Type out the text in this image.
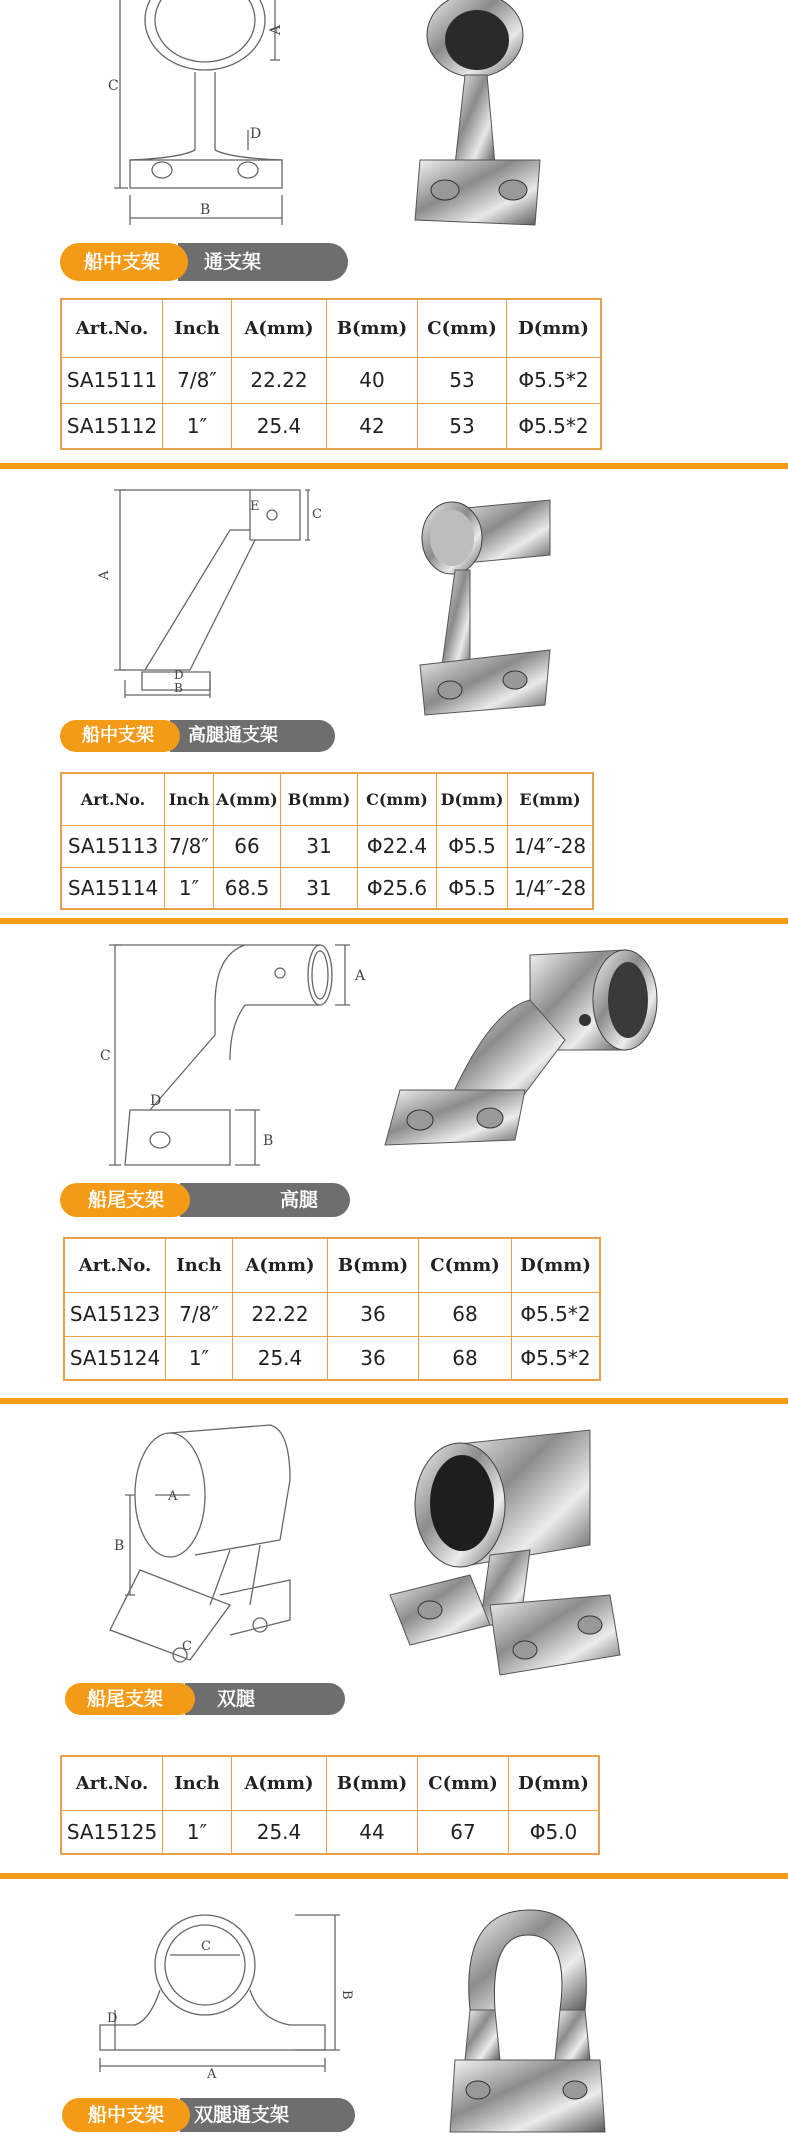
A
B
C
D
船中支架	通支架
Art.No.	Inch	A(mm)	B(mm)	C(mm)	D(mm)
SA15111	7/8″	22.22	40	53	Φ5.5*2
SA15112	1″	25.4	42	53	Φ5.5*2
A
B
C
D
E
船中支架	高腿通支架
Art.No.	Inch	A(mm)	B(mm)	C(mm)	D(mm)	E(mm)
SA15113	7/8″	66	31	Φ22.4	Φ5.5	1/4″-28
SA15114	1″	68.5	31	Φ25.6	Φ5.5	1/4″-28
A
B
C
D
船尾支架	高腿
Art.No.	Inch	A(mm)	B(mm)	C(mm)	D(mm)
SA15123	7/8″	22.22	36	68	Φ5.5*2
SA15124	1″	25.4	36	68	Φ5.5*2
A
B
C
船尾支架	双腿
Art.No.	Inch	A(mm)	B(mm)	C(mm)	D(mm)
SA15125	1″	25.4	44	67	Φ5.0
A
B
C
D
船中支架	双腿通支架
